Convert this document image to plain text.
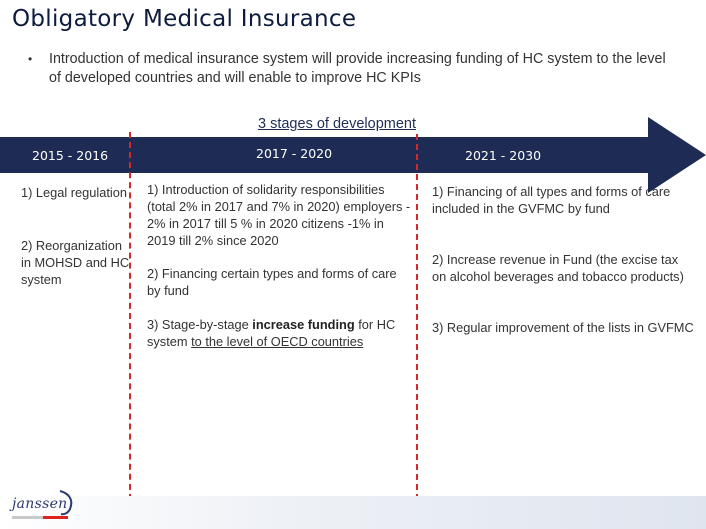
Obligatory Medical Insurance
• Introduction of medical insurance system will provide increasing funding of HC system to the level of developed countries and will enable to improve HC KPIs
3 stages of development
2015 - 2016	2017 - 2020	2021 - 2030
1) Legal regulation
2) Reorganization in MOHSD and HC system
1) Introduction of solidarity responsibilities (total 2% in 2017 and 7% in 2020) employers - 2% in 2017 till 5 % in 2020 citizens -1% in 2019 till 2% since 2020
2) Financing certain types and forms of care by fund
3) Stage-by-stage increase funding for HC system to the level of OECD countries
1) Financing of all types and forms of care included in the GVFMC by fund
2) Increase revenue in Fund (the excise tax on alcohol beverages and tobacco products)
3) Regular improvement of the lists in GVFMC
janssen
